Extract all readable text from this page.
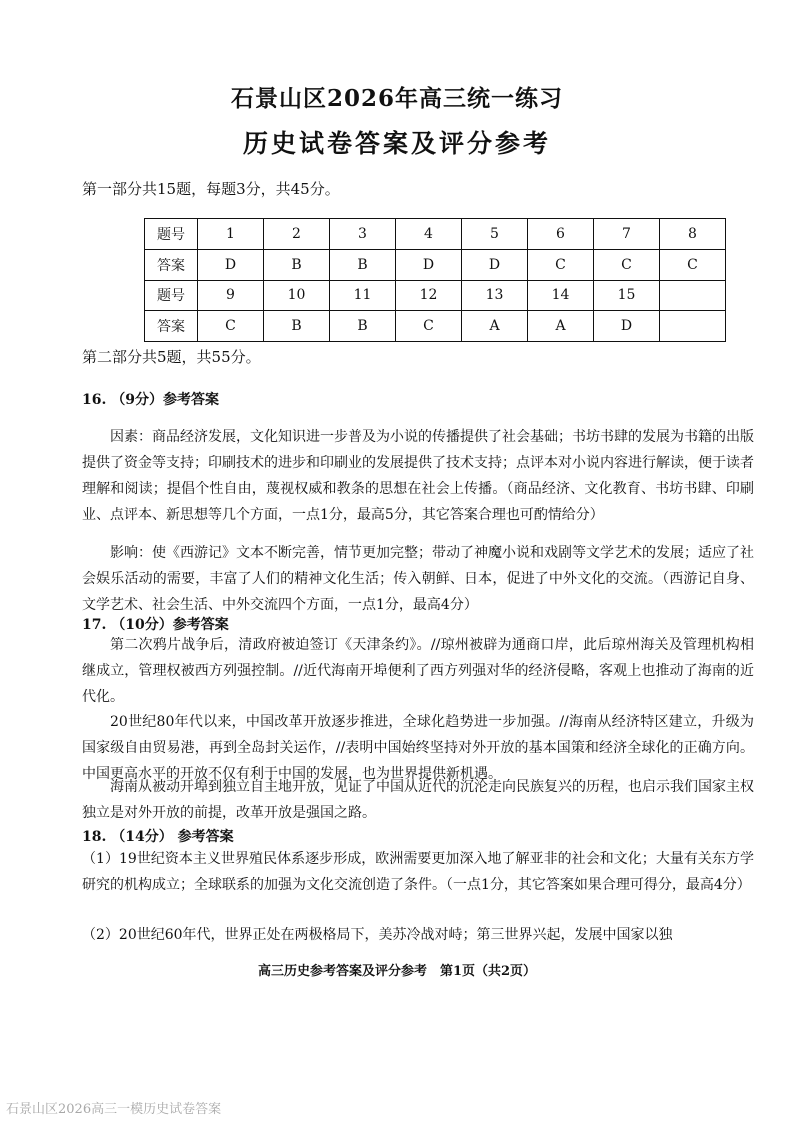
石景山区2026年高三统一练习
历史试卷答案及评分参考
第一部分共15题，每题3分，共45分。
题号	1	2	3	4	5	6	7	8
答案	D	B	B	D	D	C	C	C
题号	9	10	11	12	13	14	15	
答案	C	B	B	C	A	A	D	
第二部分共5题，共55分。
16. （9分）参考答案

因素：商品经济发展，文化知识进一步普及为小说的传播提供了社会基础；书坊书肆的发展为书籍的出版提供了资金等支持；印刷技术的进步和印刷业的发展提供了技术支持；点评本对小说内容进行解读，便于读者理解和阅读；提倡个性自由，蔑视权威和教条的思想在社会上传播。（商品经济、文化教育、书坊书肆、印刷业、点评本、新思想等几个方面，一点1分，最高5分，其它答案合理也可酌情给分）

影响：使《西游记》文本不断完善，情节更加完整；带动了神魔小说和戏剧等文学艺术的发展；适应了社会娱乐活动的需要，丰富了人们的精神文化生活；传入朝鲜、日本，促进了中外文化的交流。（西游记自身、文学艺术、社会生活、中外交流四个方面，一点1分，最高4分）

17. （10分）参考答案

第二次鸦片战争后，清政府被迫签订《天津条约》。//琼州被辟为通商口岸，此后琼州海关及管理机构相继成立，管理权被西方列强控制。//近代海南开埠便利了西方列强对华的经济侵略，客观上也推动了海南的近代化。

20世纪80年代以来，中国改革开放逐步推进，全球化趋势进一步加强。//海南从经济特区建立，升级为国家级自由贸易港，再到全岛封关运作，//表明中国始终坚持对外开放的基本国策和经济全球化的正确方向。中国更高水平的开放不仅有利于中国的发展，也为世界提供新机遇。

海南从被动开埠到独立自主地开放，见证了中国从近代的沉沦走向民族复兴的历程，也启示我们国家主权独立是对外开放的前提，改革开放是强国之路。

18. （14分） 参考答案

（1）19世纪资本主义世界殖民体系逐步形成，欧洲需要更加深入地了解亚非的社会和文化；大量有关东方学研究的机构成立；全球联系的加强为文化交流创造了条件。（一点1分，其它答案如果合理可得分，最高4分）

（2）20世纪60年代，世界正处在两极格局下，美苏冷战对峙；第三世界兴起，发展中国家以独

高三历史参考答案及评分参考　第1页（共2页）
石景山区2026高三一模历史试卷答案
